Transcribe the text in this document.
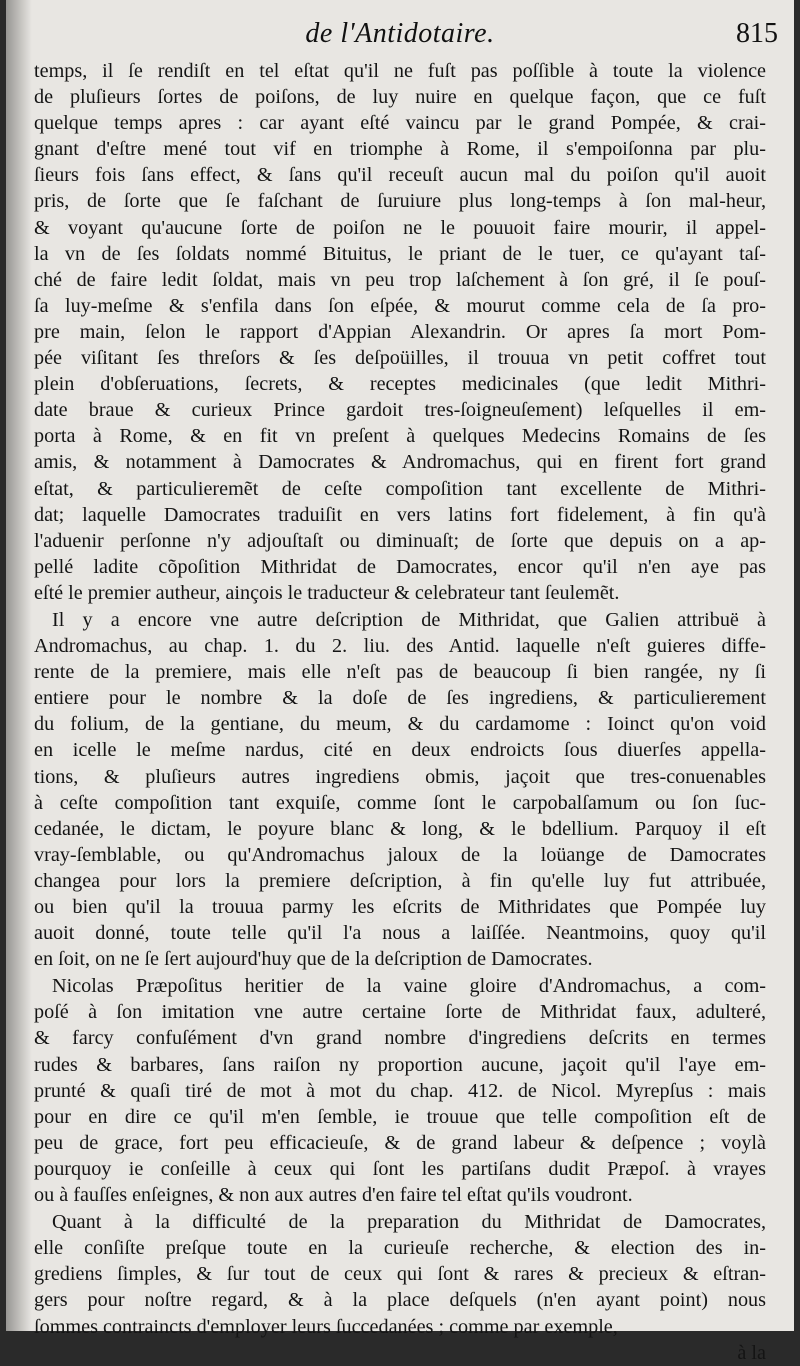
de l'Antidotaire.	815
temps, il ſe rendiſt en tel eſtat qu'il ne fuſt pas poſſible à toute la violence
de pluſieurs ſortes de poiſons, de luy nuire en quelque façon, que ce fuſt
quelque temps apres : car ayant eſté vaincu par le grand Pompée, & crai-
gnant d'eſtre mené tout vif en triomphe à Rome, il s'empoiſonna par plu-
ſieurs fois ſans effect, & ſans qu'il receuſt aucun mal du poiſon qu'il auoit
pris, de ſorte que ſe faſchant de ſuruiure plus long-temps à ſon mal-heur,
& voyant qu'aucune ſorte de poiſon ne le pouuoit faire mourir, il appel-
la vn de ſes ſoldats nommé Bituitus, le priant de le tuer, ce qu'ayant taſ-
ché de faire ledit ſoldat, mais vn peu trop laſchement à ſon gré, il ſe pouſ-
ſa luy-meſme & s'enfila dans ſon eſpée, & mourut comme cela de ſa pro-
pre main, ſelon le rapport d'Appian Alexandrin. Or apres ſa mort Pom-
pée viſitant ſes threſors & ſes deſpoüilles, il trouua vn petit coffret tout
plein d'obſeruations, ſecrets, & receptes medicinales (que ledit Mithri-
date braue & curieux Prince gardoit tres-ſoigneuſement) leſquelles il em-
porta à Rome, & en fit vn preſent à quelques Medecins Romains de ſes
amis, & notamment à Damocrates & Andromachus, qui en firent fort grand
eſtat, & particulieremẽt de ceſte compoſition tant excellente de Mithri-
dat; laquelle Damocrates traduiſit en vers latins fort fidelement, à fin qu'à
l'aduenir perſonne n'y adjouſtaſt ou diminuaſt; de ſorte que depuis on a ap-
pellé ladite cõpoſition Mithridat de Damocrates, encor qu'il n'en aye pas
eſté le premier autheur, ainçois le traducteur & celebrateur tant ſeulemẽt.
Il y a encore vne autre deſcription de Mithridat, que Galien attribuë à
Andromachus, au chap. 1. du 2. liu. des Antid. laquelle n'eſt guieres diffe-
rente de la premiere, mais elle n'eſt pas de beaucoup ſi bien rangée, ny ſi
entiere pour le nombre & la doſe de ſes ingrediens, & particulierement
du folium, de la gentiane, du meum, & du cardamome : Ioinct qu'on void
en icelle le meſme nardus, cité en deux endroicts ſous diuerſes appella-
tions, & pluſieurs autres ingrediens obmis, jaçoit que tres-conuenables
à ceſte compoſition tant exquiſe, comme ſont le carpobalſamum ou ſon ſuc-
cedanée, le dictam, le poyure blanc & long, & le bdellium. Parquoy il eſt
vray-ſemblable, ou qu'Andromachus jaloux de la loüange de Damocrates
changea pour lors la premiere deſcription, à fin qu'elle luy fut attribuée,
ou bien qu'il la trouua parmy les eſcrits de Mithridates que Pompée luy
auoit donné, toute telle qu'il l'a nous a laiſſée. Neantmoins, quoy qu'il
en ſoit, on ne ſe ſert aujourd'huy que de la deſcription de Damocrates.
Nicolas Præpoſitus heritier de la vaine gloire d'Andromachus, a com-
poſé à ſon imitation vne autre certaine ſorte de Mithridat faux, adulteré,
& farcy confuſément d'vn grand nombre d'ingrediens deſcrits en termes
rudes & barbares, ſans raiſon ny proportion aucune, jaçoit qu'il l'aye em-
prunté & quaſi tiré de mot à mot du chap. 412. de Nicol. Myrepſus : mais
pour en dire ce qu'il m'en ſemble, ie trouue que telle compoſition eſt de
peu de grace, fort peu efficacieuſe, & de grand labeur & deſpence ; voylà
pourquoy ie conſeille à ceux qui ſont les partiſans dudit Præpoſ. à vrayes
ou à fauſſes enſeignes, & non aux autres d'en faire tel eſtat qu'ils voudront.
Quant à la difficulté de la preparation du Mithridat de Damocrates,
elle conſiſte preſque toute en la curieuſe recherche, & election des in-
grediens ſimples, & ſur tout de ceux qui ſont & rares & precieux & eſtran-
gers pour noſtre regard, & à la place deſquels (n'en ayant point) nous
ſommes contraincts d'employer leurs ſuccedanées ; comme par exemple,
à la
